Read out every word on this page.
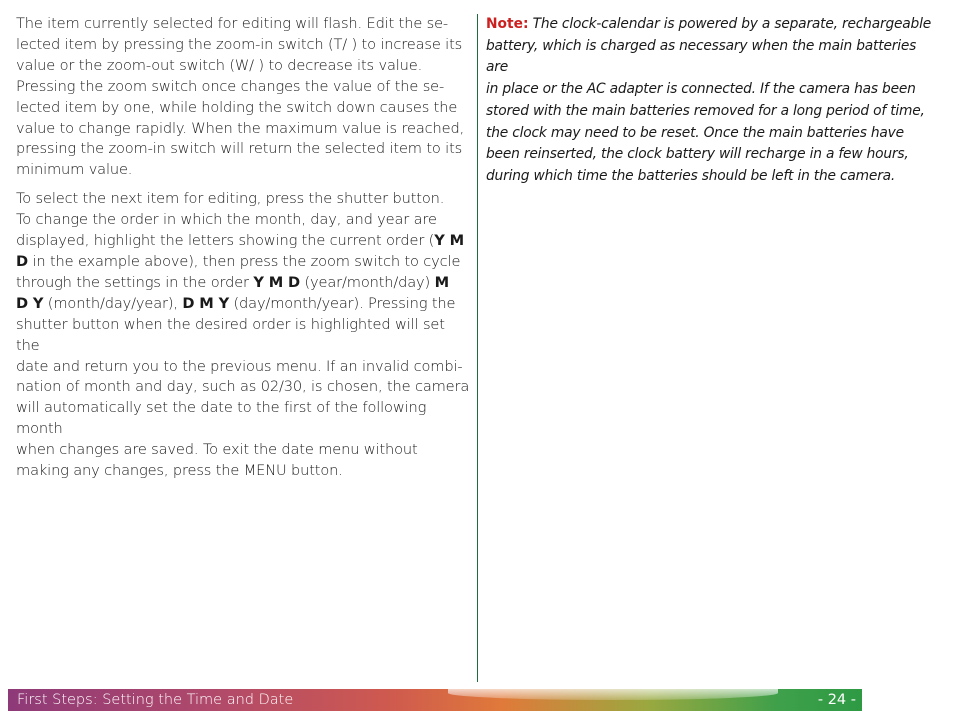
The item currently selected for editing will flash. Edit the se-
lected item by pressing the zoom-in switch (T/ ) to increase its
value or the zoom-out switch (W/ ) to decrease its value.
Pressing the zoom switch once changes the value of the se-
lected item by one, while holding the switch down causes the
value to change rapidly. When the maximum value is reached,
pressing the zoom-in switch will return the selected item to its
minimum value.

To select the next item for editing, press the shutter button.
To change the order in which the month, day, and year are
displayed, highlight the letters showing the current order (Y M
D in the example above), then press the zoom switch to cycle
through the settings in the order Y M D (year/month/day) M
D Y (month/day/year), D M Y (day/month/year). Pressing the
shutter button when the desired order is highlighted will set the
date and return you to the previous menu. If an invalid combi-
nation of month and day, such as 02/30, is chosen, the camera
will automatically set the date to the first of the following month
when changes are saved. To exit the date menu without
making any changes, press the MENU button.

Note: The clock-calendar is powered by a separate, rechargeable
battery, which is charged as necessary when the main batteries are
in place or the AC adapter is connected. If the camera has been
stored with the main batteries removed for a long period of time,
the clock may need to be reset. Once the main batteries have
been reinserted, the clock battery will recharge in a few hours,
during which time the batteries should be left in the camera.

First Steps: Setting the Time and Date	- 24 -
